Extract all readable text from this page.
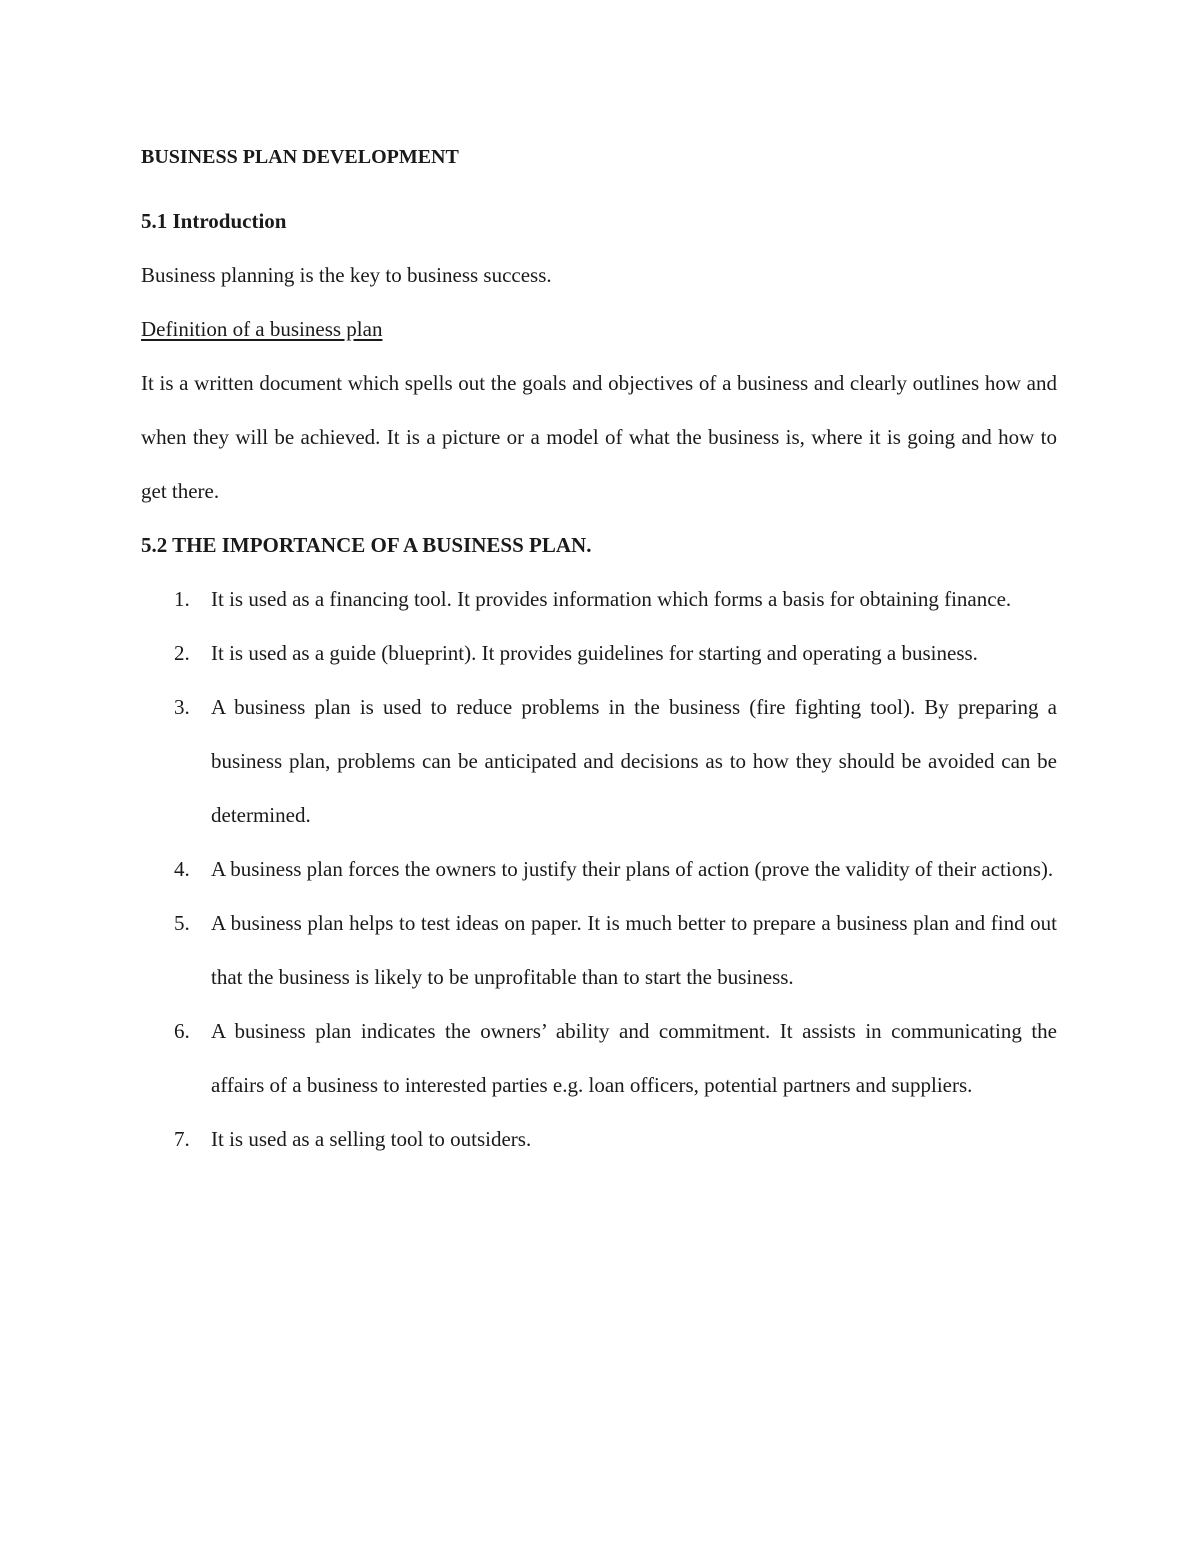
BUSINESS PLAN DEVELOPMENT
5.1 Introduction

Business planning is the key to business success.

Definition of a business plan

It is a written document which spells out the goals and objectives of a business and clearly outlines how and when they will be achieved. It is a picture or a model of what the business is, where it is going and how to get there.

5.2 THE IMPORTANCE OF A BUSINESS PLAN.
1. It is used as a financing tool. It provides information which forms a basis for obtaining finance.
2. It is used as a guide (blueprint). It provides guidelines for starting and operating a business.
3. A business plan is used to reduce problems in the business (fire fighting tool). By preparing a business plan, problems can be anticipated and decisions as to how they should be avoided can be determined.
4. A business plan forces the owners to justify their plans of action (prove the validity of their actions).
5. A business plan helps to test ideas on paper. It is much better to prepare a business plan and find out that the business is likely to be unprofitable than to start the business.
6. A business plan indicates the owners’ ability and commitment. It assists in communicating the affairs of a business to interested parties e.g. loan officers, potential partners and suppliers.
7. It is used as a selling tool to outsiders.
